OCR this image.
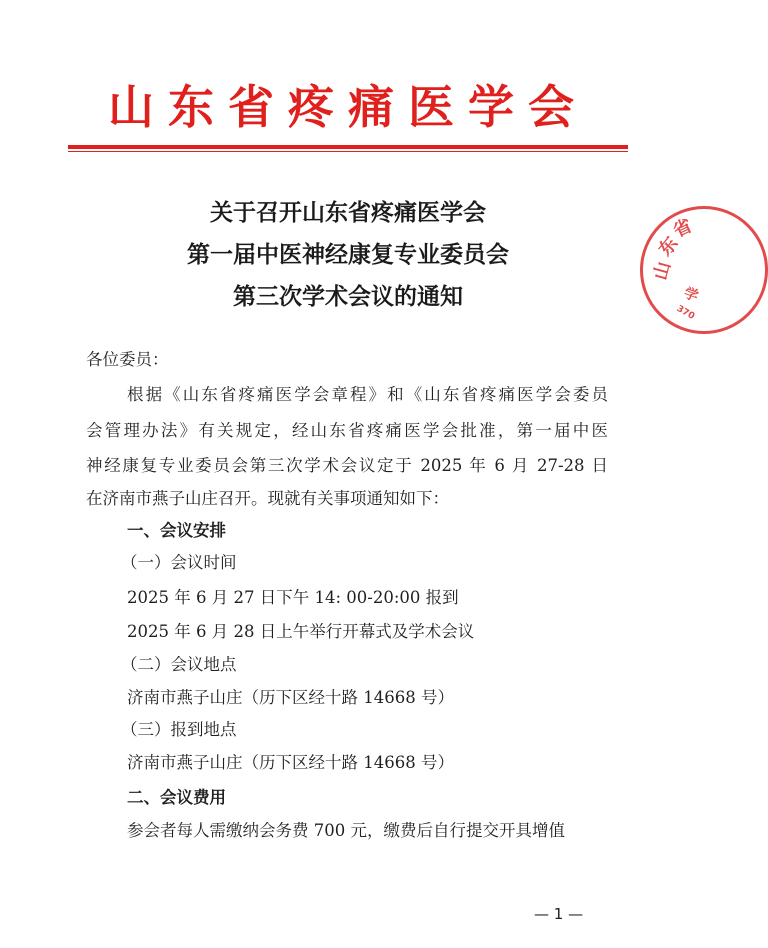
山东省疼痛医学会
山
东
省
学
370
关于召开山东省疼痛医学会
第一届中医神经康复专业委员会
第三次学术会议的通知
各位委员：
根据《山东省疼痛医学会章程》和《山东省疼痛医学会委员
会管理办法》有关规定，经山东省疼痛医学会批准，第一届中医
神经康复专业委员会第三次学术会议定于 2025 年 6 月 27-28 日
在济南市燕子山庄召开。现就有关事项通知如下：
一、会议安排
（一）会议时间
2025 年 6 月 27 日下午 14: 00-20:00 报到
2025 年 6 月 28 日上午举行开幕式及学术会议
（二）会议地点
济南市燕子山庄（历下区经十路 14668 号）
（三）报到地点
济南市燕子山庄（历下区经十路 14668 号）
二、会议费用
参会者每人需缴纳会务费 700 元，缴费后自行提交开具增值
— 1 —
